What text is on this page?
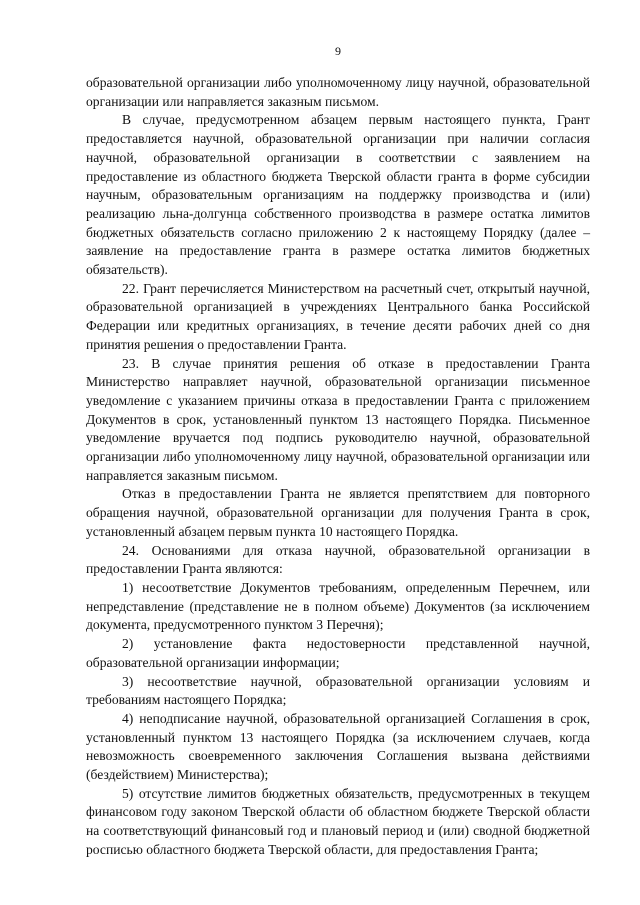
9

образовательной организации либо уполномоченному лицу научной, образовательной организации или направляется заказным письмом.

В случае, предусмотренном абзацем первым настоящего пункта, Грант предоставляется научной, образовательной организации при наличии согласия научной, образовательной организации в соответствии с заявлением на предоставление из областного бюджета Тверской области гранта в форме субсидии научным, образовательным организациям на поддержку производства и (или) реализацию льна-долгунца собственного производства в размере остатка лимитов бюджетных обязательств согласно приложению 2 к настоящему Порядку (далее – заявление на предоставление гранта в размере остатка лимитов бюджетных обязательств).

22. Грант перечисляется Министерством на расчетный счет, открытый научной, образовательной организацией в учреждениях Центрального банка Российской Федерации или кредитных организациях, в течение десяти рабочих дней со дня принятия решения о предоставлении Гранта.

23. В случае принятия решения об отказе в предоставлении Гранта Министерство направляет научной, образовательной организации письменное уведомление с указанием причины отказа в предоставлении Гранта с приложением Документов в срок, установленный пунктом 13 настоящего Порядка. Письменное уведомление вручается под подпись руководителю научной, образовательной организации либо уполномоченному лицу научной, образовательной организации или направляется заказным письмом.

Отказ в предоставлении Гранта не является препятствием для повторного обращения научной, образовательной организации для получения Гранта в срок, установленный абзацем первым пункта 10 настоящего Порядка.

24. Основаниями для отказа научной, образовательной организации в предоставлении Гранта являются:

1) несоответствие Документов требованиям, определенным Перечнем, или непредставление (представление не в полном объеме) Документов (за исключением документа, предусмотренного пунктом 3 Перечня);

2) установление факта недостоверности представленной научной, образовательной организации информации;

3) несоответствие научной, образовательной организации условиям и требованиям настоящего Порядка;

4) неподписание научной, образовательной организацией Соглашения в срок, установленный пунктом 13 настоящего Порядка (за исключением случаев, когда невозможность своевременного заключения Соглашения вызвана действиями (бездействием) Министерства);

5) отсутствие лимитов бюджетных обязательств, предусмотренных в текущем финансовом году законом Тверской области об областном бюджете Тверской области на соответствующий финансовый год и плановый период и (или) сводной бюджетной росписью областного бюджета Тверской области, для предоставления Гранта;
